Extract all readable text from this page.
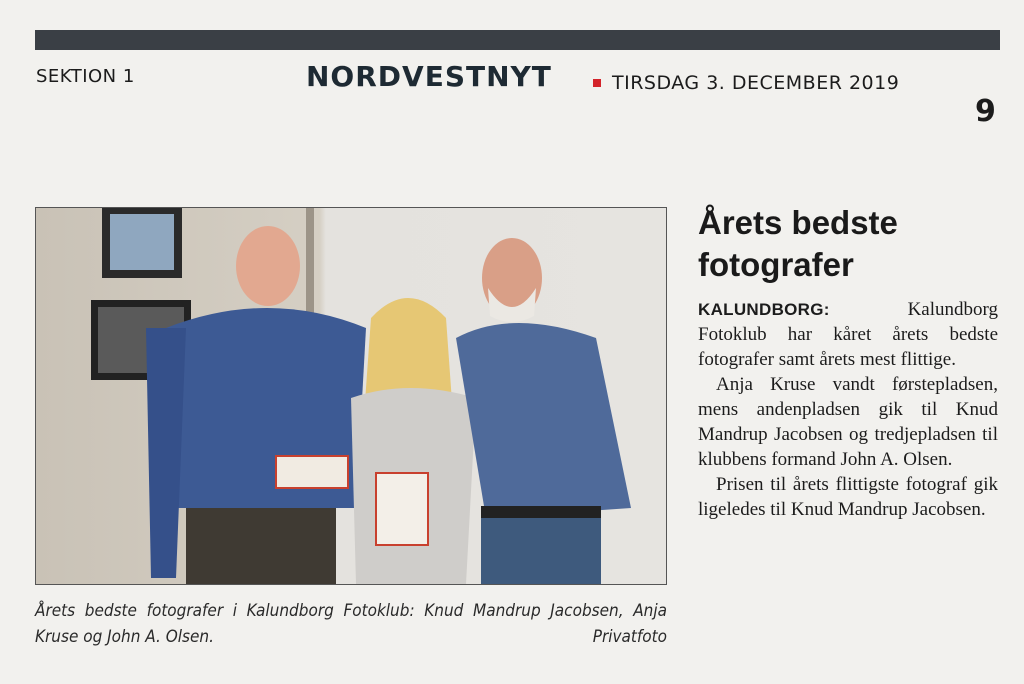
SEKTION 1	NORDVESTNYT	TIRSDAG 3. DECEMBER 2019
9
Årets bedste fotografer i Kalundborg Fotoklub: Knud Mandrup Jacobsen, Anja Kruse og John A. Olsen.	Privatfoto
Årets bedste
fotografer

KALUNDBORG:	Kalundborg Fotoklub har kåret årets bedste fotografer samt årets mest flittige.

Anja Kruse vandt førstepladsen, mens andenpladsen gik til Knud Mandrup Jacobsen og tredjepladsen til klubbens formand John A. Olsen.

Prisen til årets flittigste fotograf gik ligeledes til Knud Mandrup Jacobsen.
